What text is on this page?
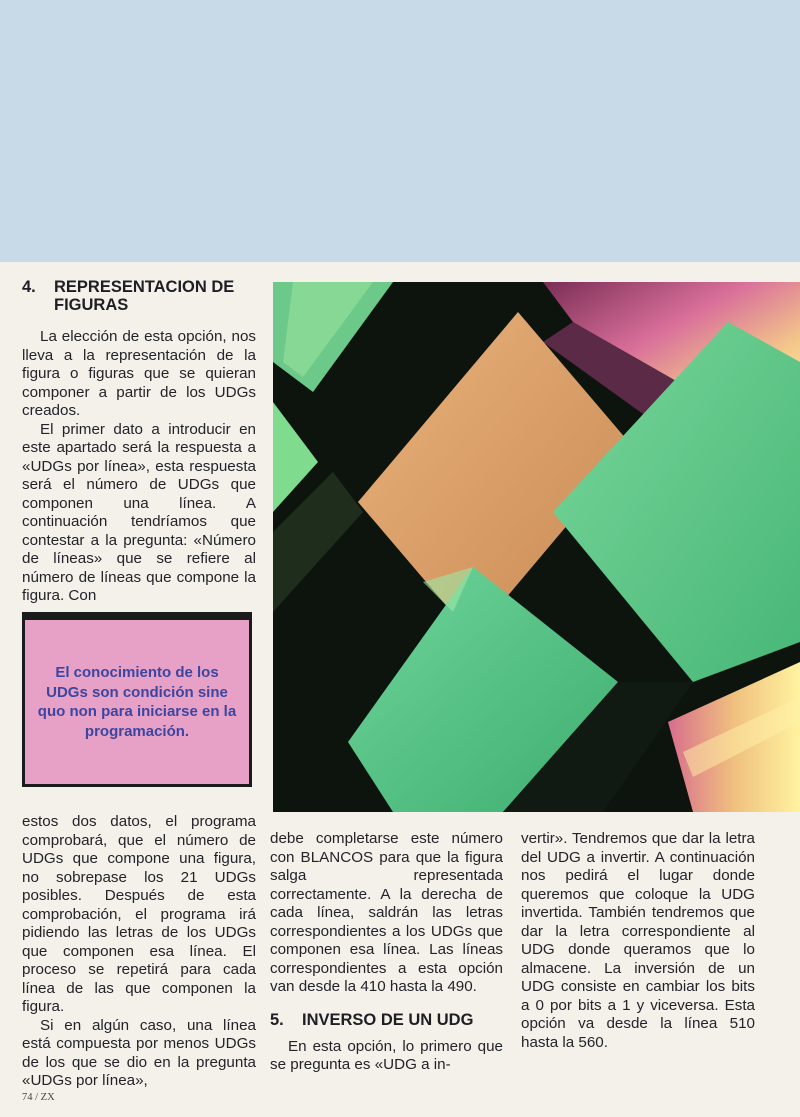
4. REPRESENTACION DE
FIGURAS

La elección de esta opción, nos lleva a la representación de la figura o figuras que se quieran componer a partir de los UDGs creados.

El primer dato a introducir en este apartado será la respuesta a «UDGs por línea», esta respuesta será el número de UDGs que componen una línea. A continuación tendríamos que contestar a la pregunta: «Número de líneas» que se refiere al número de líneas que compone la figura. Con

El conocimiento de los UDGs son condición sine quo non para iniciarse en la programación.

estos dos datos, el programa comprobará, que el número de UDGs que compone una figura, no sobrepase los 21 UDGs posibles. Después de esta comprobación, el programa irá pidiendo las letras de los UDGs que componen esa línea. El proceso se repetirá para cada línea de las que componen la figura.

Si en algún caso, una línea está compuesta por menos UDGs de los que se dio en la pregunta «UDGs por línea»,

debe completarse este número con BLANCOS para que la figura salga representada correctamente. A la derecha de cada línea, saldrán las letras correspondientes a los UDGs que componen esa línea. Las líneas correspondientes a esta opción van desde la 410 hasta la 490.

5. INVERSO DE UN UDG

En esta opción, lo primero que se pregunta es «UDG a in-

vertir». Tendremos que dar la letra del UDG a invertir. A continuación nos pedirá el lugar donde queremos que coloque la UDG invertida. También tendremos que dar la letra correspondiente al UDG donde queramos que lo almacene. La inversión de un UDG consiste en cambiar los bits a 0 por bits a 1 y viceversa. Esta opción va desde la línea 510 hasta la 560.

74 / ZX
